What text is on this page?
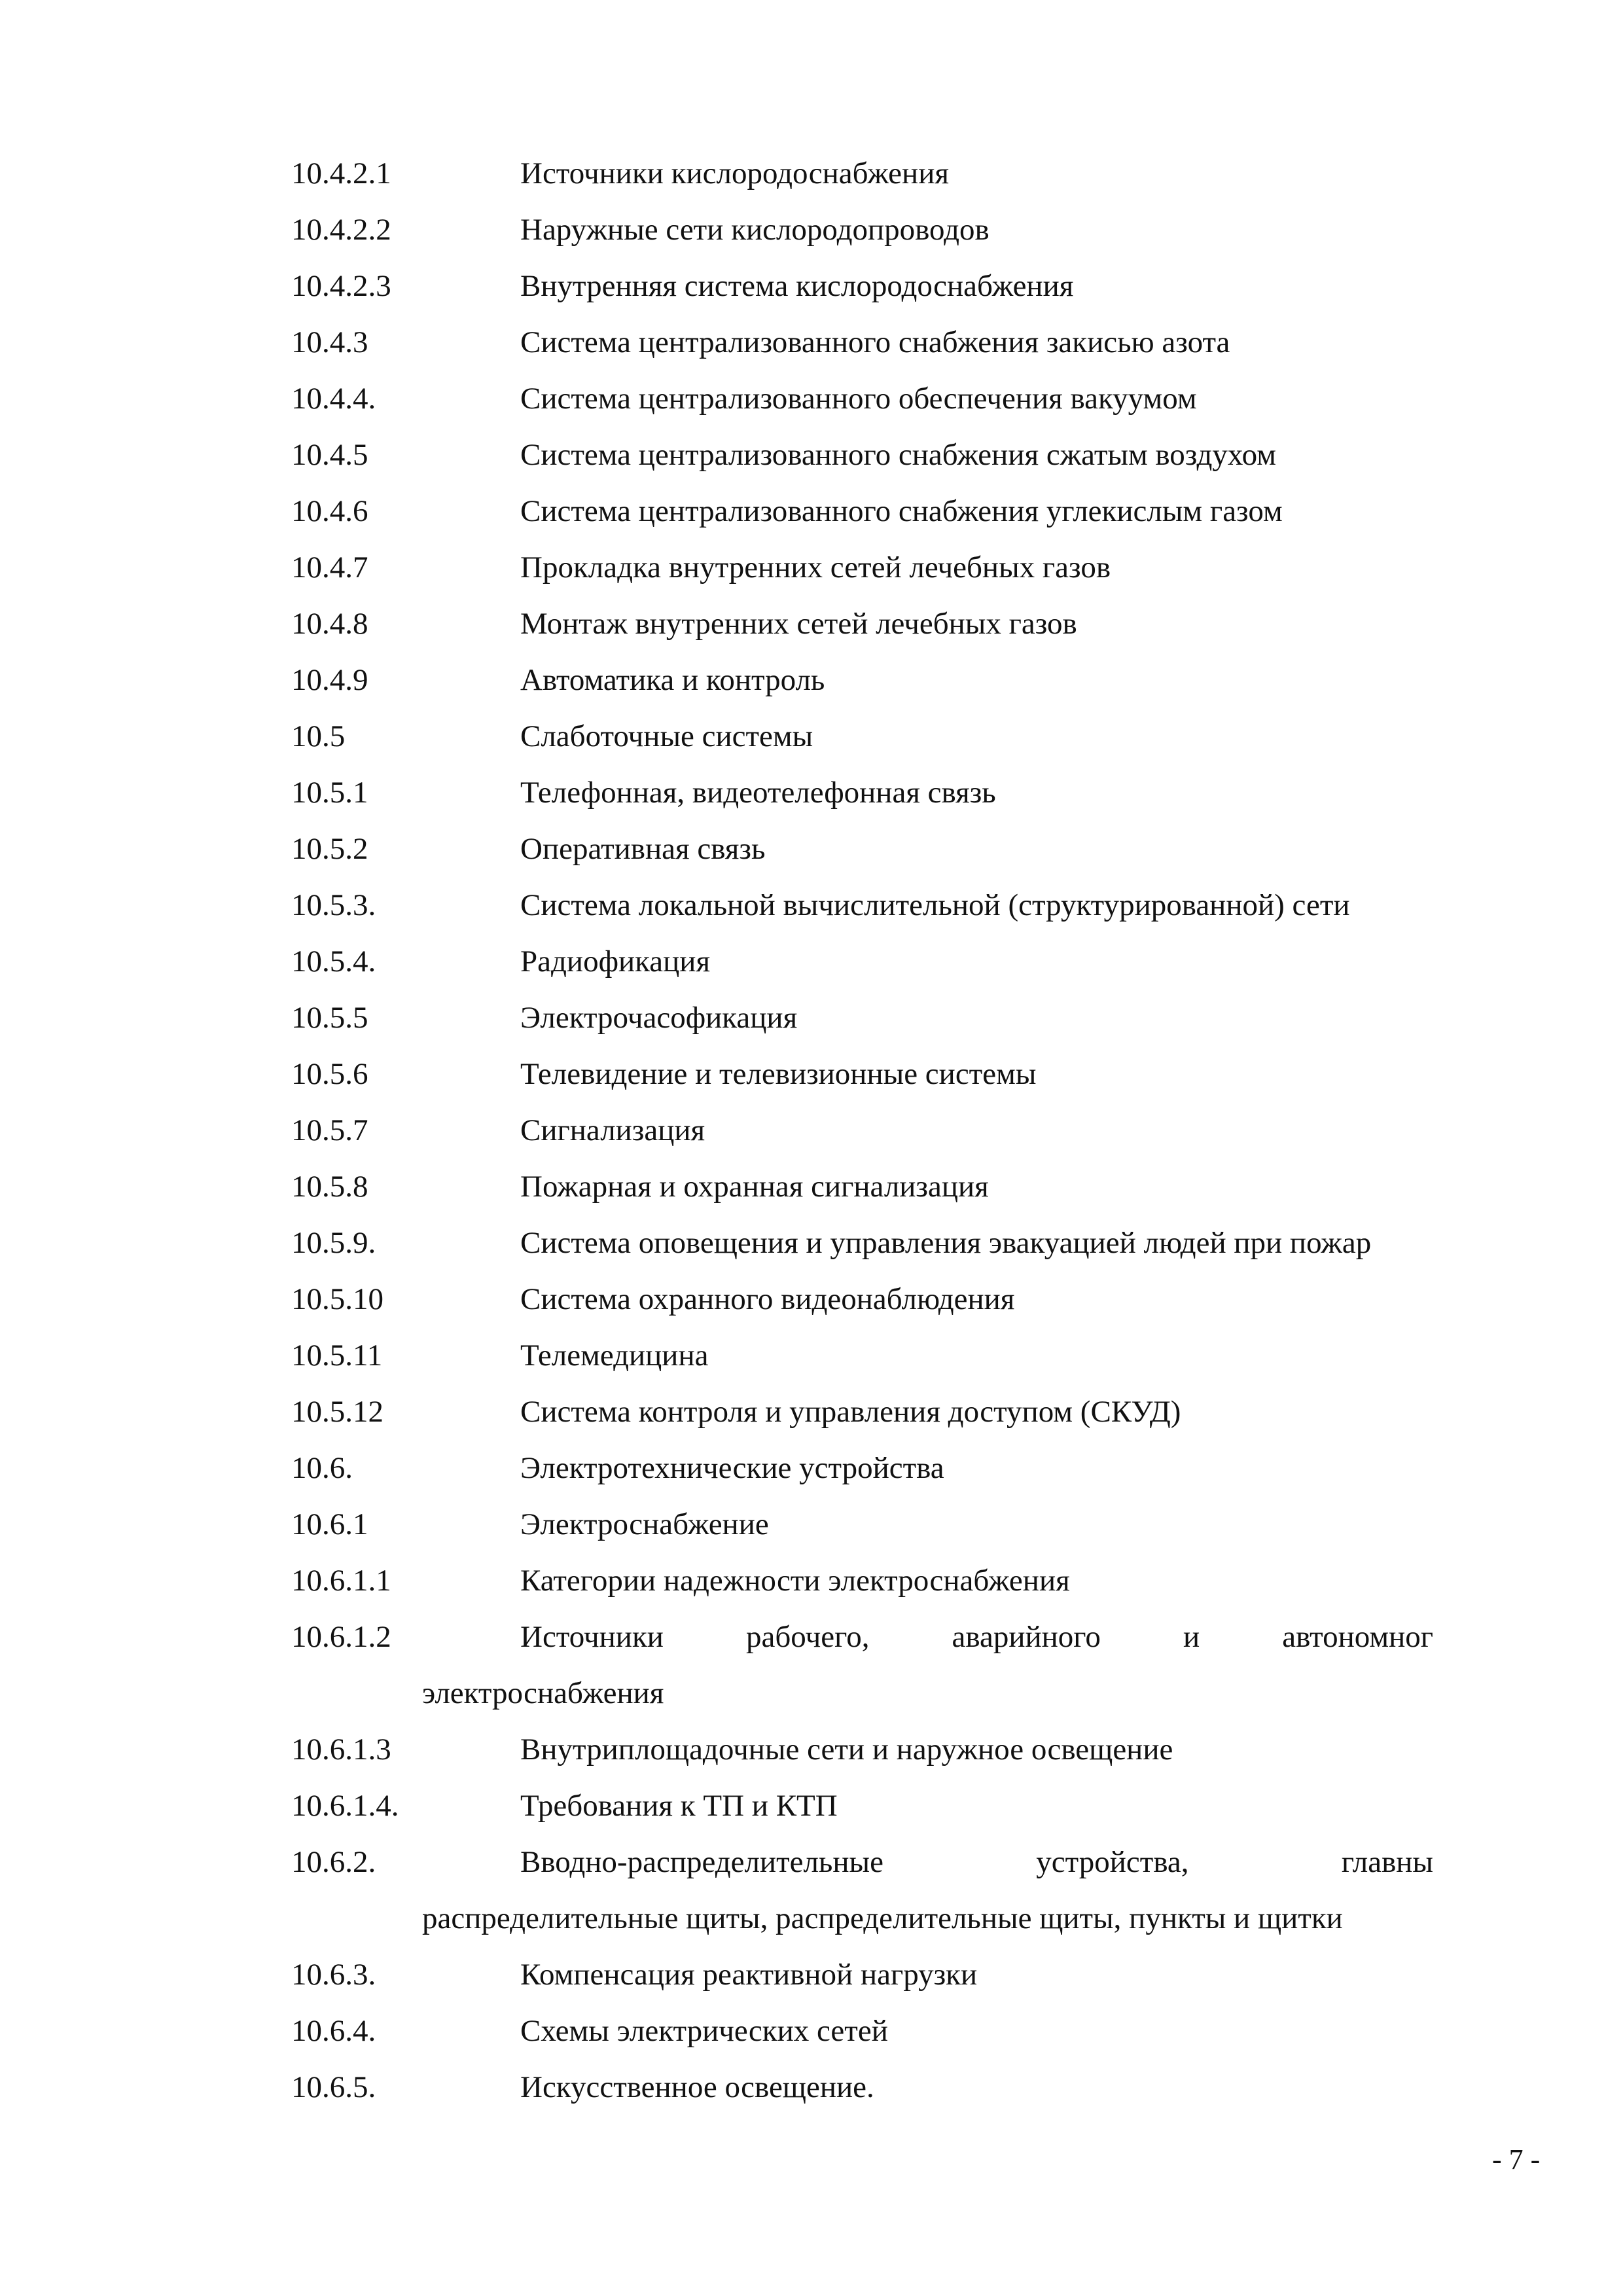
10.4.2.1	Источники кислородоснабжения
10.4.2.2	Наружные сети кислородопроводов
10.4.2.3	Внутренняя система кислородоснабжения
10.4.3	Система централизованного снабжения закисью азота
10.4.4.	Система централизованного обеспечения вакуумом
10.4.5	Система централизованного снабжения сжатым воздухом
10.4.6	Система централизованного снабжения углекислым газом
10.4.7	Прокладка внутренних сетей лечебных газов
10.4.8	Монтаж внутренних сетей лечебных газов
10.4.9	Автоматика и контроль
10.5	Слаботочные системы
10.5.1	Телефонная, видеотелефонная связь
10.5.2	Оперативная связь
10.5.3.	Система локальной вычислительной (структурированной) сети
10.5.4.	Радиофикация
10.5.5	Электрочасофикация
10.5.6	Телевидение и телевизионные системы
10.5.7	Сигнализация
10.5.8	Пожарная и охранная сигнализация
10.5.9.	Система оповещения и управления эвакуацией людей при пожар
10.5.10	Система охранного видеонаблюдения
10.5.11	Телемедицина
10.5.12	Система контроля и управления доступом (СКУД)
10.6.	Электротехнические устройства
10.6.1	Электроснабжение
10.6.1.1	Категории надежности электроснабжения
10.6.1.2	Источники рабочего, аварийного и автономног
электроснабжения
10.6.1.3	Внутриплощадочные сети и наружное освещение
10.6.1.4.	Требования к ТП и КТП
10.6.2.	Вводно-распределительные устройства, главны
распределительные щиты, распределительные щиты, пункты и щитки
10.6.3.	Компенсация реактивной нагрузки
10.6.4.	Схемы электрических сетей
10.6.5.	Искусственное освещение.
- 7 -
